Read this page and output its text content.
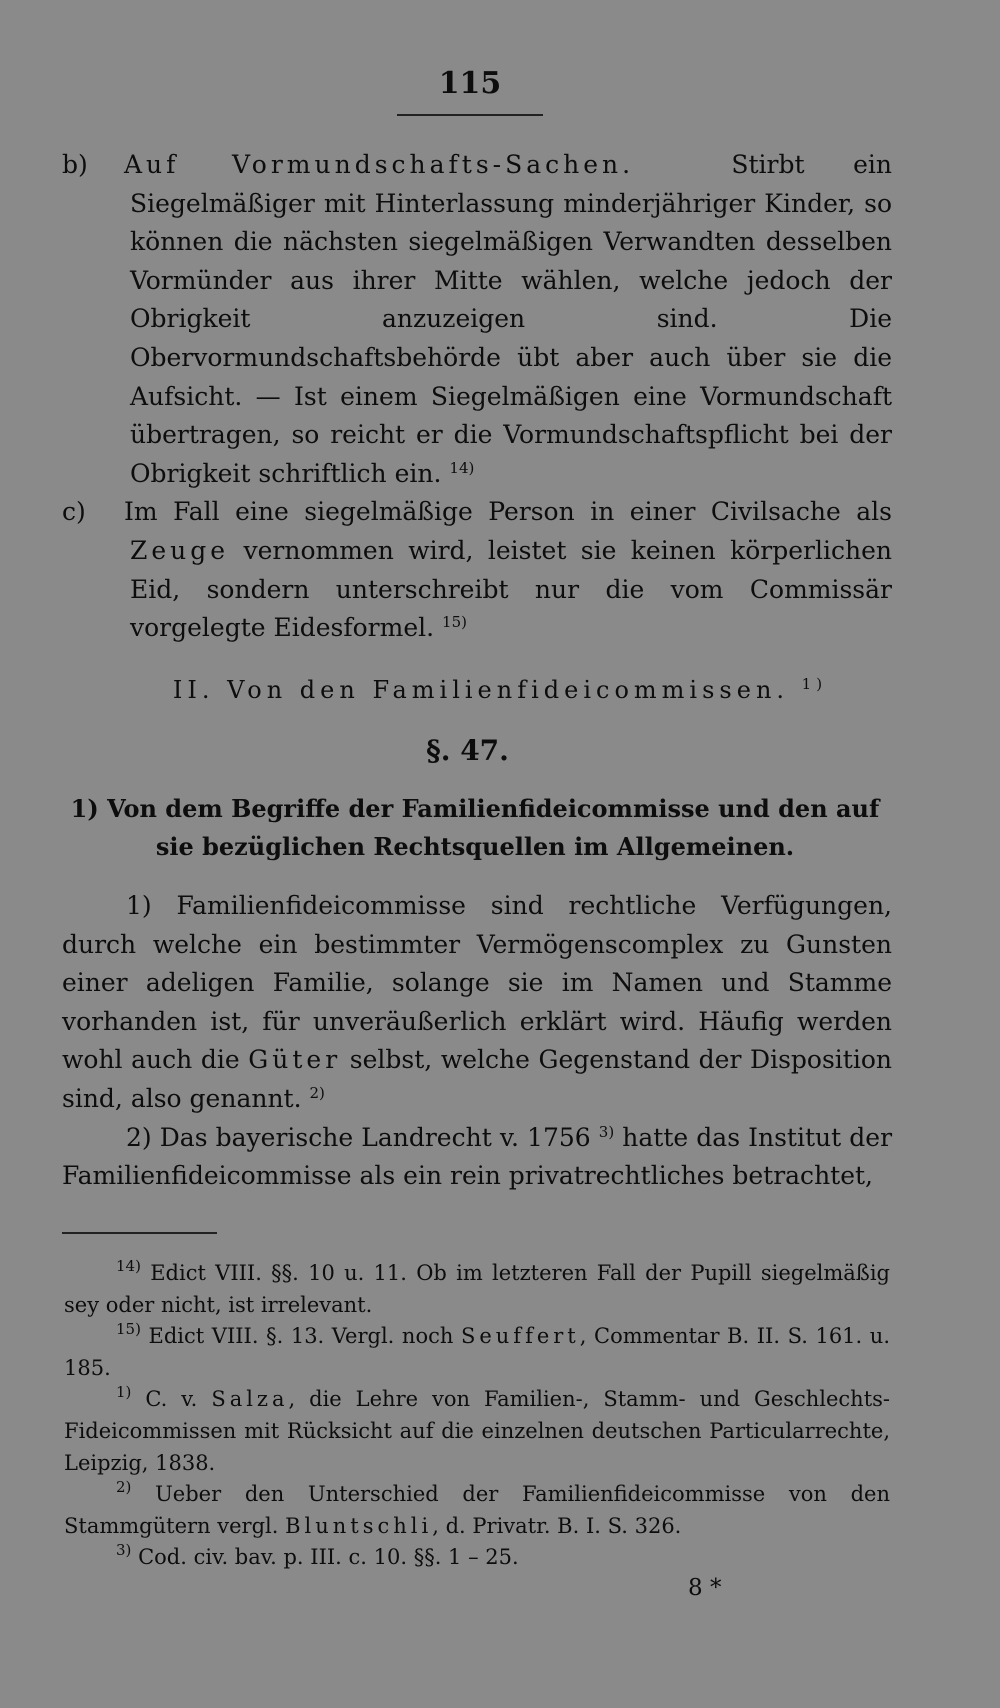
115

b) Auf Vormundschafts-Sachen.	Stirbt ein Siegelmäßiger mit Hinterlassung minderjähriger Kinder, so können die nächsten siegelmäßigen Verwandten desselben Vormünder aus ihrer Mitte wählen, welche jedoch der Obrigkeit anzuzeigen sind. Die Obervormundschaftsbehörde übt aber auch über sie die Aufsicht. — Ist einem Siegelmäßigen eine Vormundschaft übertragen, so reicht er die Vormundschaftspflicht bei der Obrigkeit schriftlich ein. $^{14)}$

c) Im Fall eine siegelmäßige Person in einer Civilsache als Zeuge vernommen wird, leistet sie keinen körperlichen Eid, sondern unterschreibt nur die vom Commissär vorgelegte Eidesformel. $^{15)}$

II. Von den Familienfideicommissen. $^{1)}$
§. 47.
1) Von dem Begriffe der Familienfideicommisse und den auf sie bezüglichen Rechtsquellen im Allgemeinen.

1) Familienfideicommisse sind rechtliche Verfügungen, durch welche ein bestimmter Vermögenscomplex zu Gunsten einer adeligen Familie, solange sie im Namen und Stamme vorhanden ist, für unveräußerlich erklärt wird. Häufig werden wohl auch die Güter selbst, welche Gegenstand der Disposition sind, also genannt. $^{2)}$

2) Das bayerische Landrecht v. 1756 $^{3)}$ hatte das Institut der Familienfideicommisse als ein rein privatrechtliches betrachtet,

$^{14)}$ Edict VIII. §§. 10 u. 11. Ob im letzteren Fall der Pupill siegelmäßig sey oder nicht, ist irrelevant.

$^{15)}$ Edict VIII. §. 13. Vergl. noch Seuffert, Commentar B. II. S. 161. u. 185.

$^{1)}$ C. v. Salza, die Lehre von Familien-, Stamm- und Geschlechts-Fideicommissen mit Rücksicht auf die einzelnen deutschen Particularrechte, Leipzig, 1838.

$^{2)}$ Ueber den Unterschied der Familienfideicommisse von den Stammgütern vergl. Bluntschli, d. Privatr. B. I. S. 326.

$^{3)}$ Cod. civ. bav. p. III. c. 10. §§. 1 – 25.

8 *
